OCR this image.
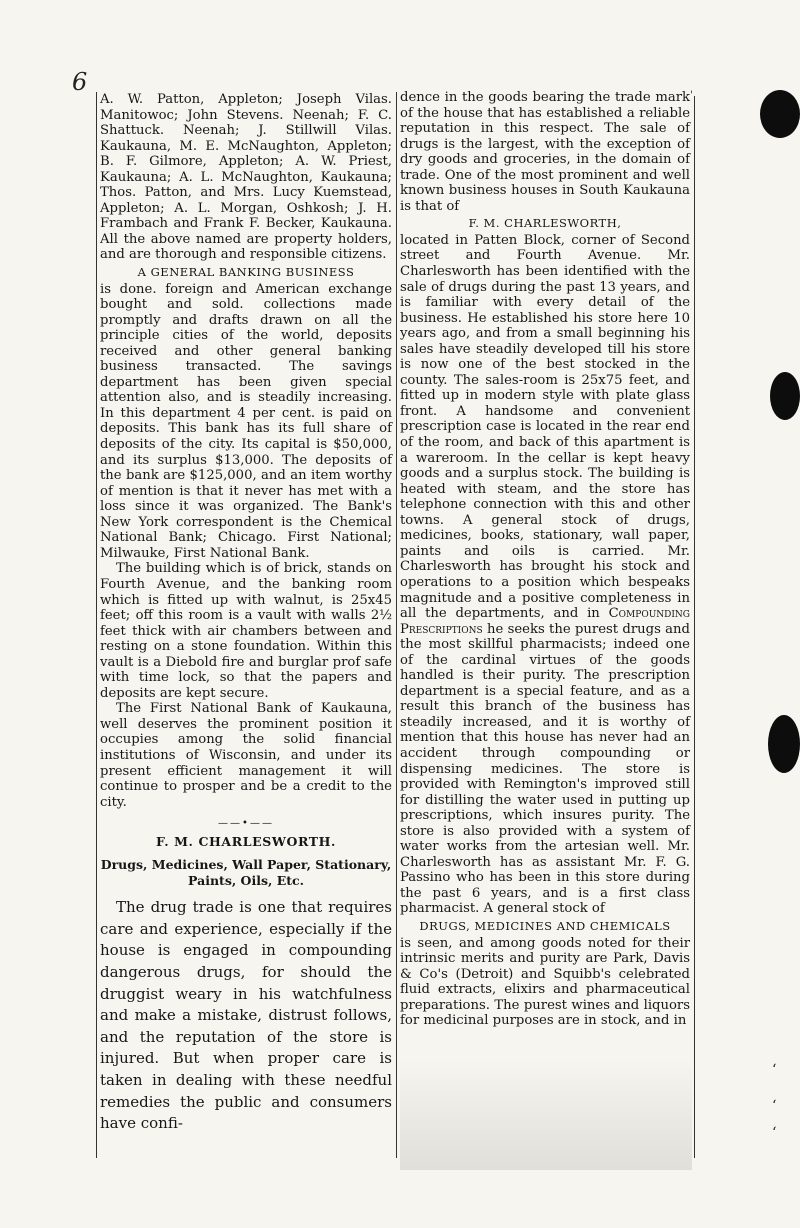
6

A. W. Patton, Appleton; Joseph Vilas. Manitowoc; John Stevens. Neenah; F. C. Shattuck. Neenah; J. Stillwill Vilas. Kaukauna, M. E. McNaughton, Appleton; B. F. Gilmore, Appleton; A. W. Priest, Kaukauna; A. L. McNaughton, Kaukauna; Thos. Patton, and Mrs. Lucy Kuemstead, Appleton; A. L. Morgan, Oshkosh; J. H. Frambach and Frank F. Becker, Kaukauna. All the above named are property holders, and are thorough and responsible citizens.

A GENERAL BANKING BUSINESS

is done. foreign and American exchange bought and sold. collections made promptly and drafts drawn on all the principle cities of the world, deposits received and other general banking business transacted. The savings department has been given special attention also, and is steadily increasing. In this department 4 per cent. is paid on deposits. This bank has its full share of deposits of the city. Its capital is $50,000, and its surplus $13,000. The deposits of the bank are $125,000, and an item worthy of mention is that it never has met with a loss since it was organized. The Bank's New York correspondent is the Chemical National Bank; Chicago. First National; Milwauke, First National Bank.

The building which is of brick, stands on Fourth Avenue, and the banking room which is fitted up with walnut, is 25x45 feet; off this room is a vault with walls 2½ feet thick with air chambers between and resting on a stone foundation. Within this vault is a Diebold fire and burglar prof safe with time lock, so that the papers and deposits are kept secure.

The First National Bank of Kaukauna, well deserves the prominent position it occupies among the solid financial institutions of Wisconsin, and under its present efficient management it will continue to prosper and be a credit to the city.

——•——
F. M. CHARLESWORTH.
Drugs, Medicines, Wall Paper, Stationary, Paints, Oils, Etc.

The drug trade is one that requires care and experience, especially if the house is engaged in compounding dangerous drugs, for should the druggist weary in his watchfulness and make a mistake, distrust follows, and the reputation of the store is injured. But when proper care is taken in dealing with these needful remedies the public and consumers have confi-

dence in the goods bearing the trade mark of the house that has established a reliable reputation in this respect. The sale of drugs is the largest, with the exception of dry goods and groceries, in the domain of trade. One of the most prominent and well known business houses in South Kaukauna is that of

F. M. CHARLESWORTH,

located in Patten Block, corner of Second street and Fourth Avenue. Mr. Charlesworth has been identified with the sale of drugs during the past 13 years, and is familiar with every detail of the business. He established his store here 10 years ago, and from a small beginning his sales have steadily developed till his store is now one of the best stocked in the county. The sales-room is 25x75 feet, and fitted up in modern style with plate glass front. A handsome and convenient prescription case is located in the rear end of the room, and back of this apartment is a wareroom. In the cellar is kept heavy goods and a surplus stock. The building is heated with steam, and the store has telephone connection with this and other towns. A general stock of drugs, medicines, books, stationary, wall paper, paints and oils is carried. Mr. Charlesworth has brought his stock and operations to a position which bespeaks magnitude and a positive completeness in all the departments, and in Compounding Prescriptions he seeks the purest drugs and the most skillful pharmacists; indeed one of the cardinal virtues of the goods handled is their purity. The prescription department is a special feature, and as a result this branch of the business has steadily increased, and it is worthy of mention that this house has never had an accident through compounding or dispensing medicines. The store is provided with Remington's improved still for distilling the water used in putting up prescriptions, which insures purity. The store is also provided with a system of water works from the artesian well. Mr. Charlesworth has as assistant Mr. F. G. Passino who has been in this store during the past 6 years, and is a first class pharmacist. A general stock of

DRUGS, MEDICINES AND CHEMICALS

is seen, and among goods noted for their intrinsic merits and purity are Park, Davis & Co's (Detroit) and Squibb's celebrated fluid extracts, elixirs and pharmaceutical preparations. The purest wines and liquors for medicinal purposes are in stock, and in

‘
‘
‘
'
